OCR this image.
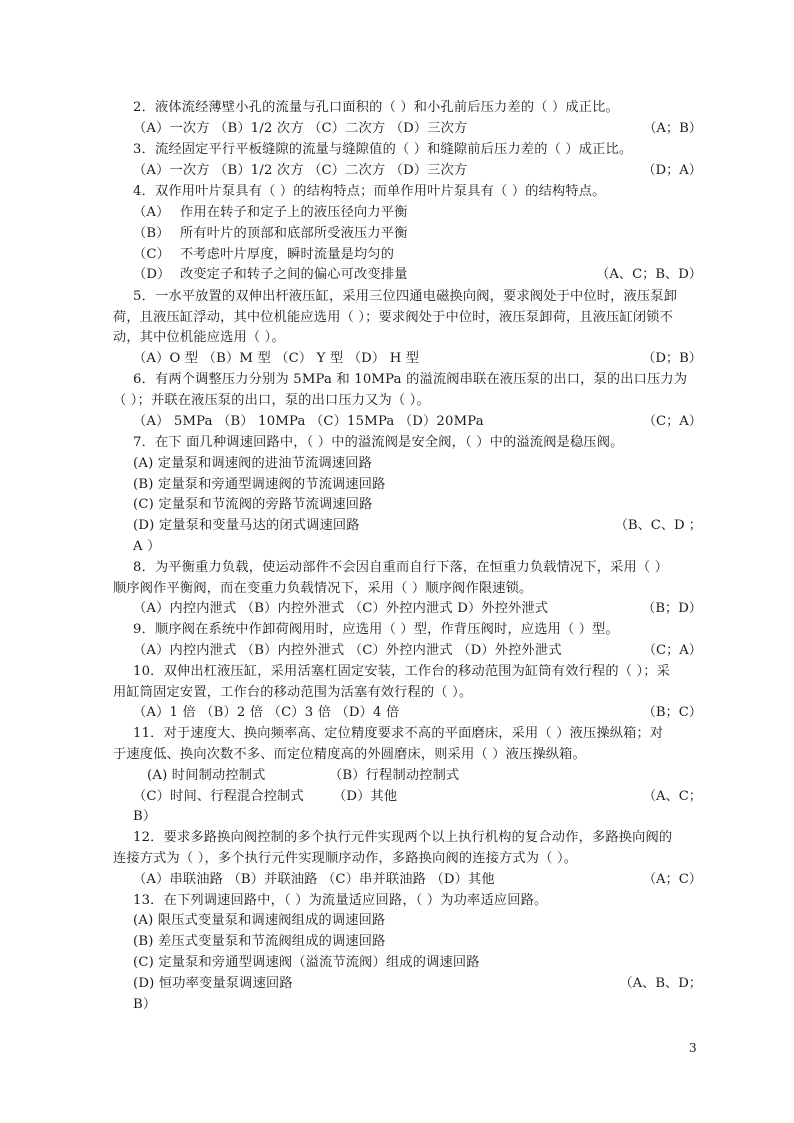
2．液体流经薄壁小孔的流量与孔口面积的（ ）和小孔前后压力差的（ ）成正比。
（A）一次方 （B）1/2 次方 （C）二次方 （D）三次方	（A；B）
3．流经固定平行平板缝隙的流量与缝隙值的（ ）和缝隙前后压力差的（ ）成正比。
（A）一次方 （B）1/2 次方 （C）二次方 （D）三次方	（D；A）
4．双作用叶片泵具有（ ）的结构特点；而单作用叶片泵具有（ ）的结构特点。
（A） 作用在转子和定子上的液压径向力平衡
（B） 所有叶片的顶部和底部所受液压力平衡
（C） 不考虑叶片厚度，瞬时流量是均匀的
（D） 改变定子和转子之间的偏心可改变排量	（A、C；B、D）
5．一水平放置的双伸出杆液压缸，采用三位四通电磁换向阀，要求阀处于中位时，液压泵卸
荷，且液压缸浮动，其中位机能应选用（ ）；要求阀处于中位时，液压泵卸荷，且液压缸闭锁不
动，其中位机能应选用（ ）。
（A）O 型 （B）M 型 （C） Y 型 （D） H 型	（D；B）
6．有两个调整压力分别为 5MPa 和 10MPa 的溢流阀串联在液压泵的出口，泵的出口压力为
（ ）；并联在液压泵的出口，泵的出口压力又为（ ）。
（A） 5MPa （B） 10MPa （C）15MPa （D）20MPa	（C；A）
7．在下 面几种调速回路中，（ ）中的溢流阀是安全阀，（ ）中的溢流阀是稳压阀。
(A) 定量泵和调速阀的进油节流调速回路
(B) 定量泵和旁通型调速阀的节流调速回路
(C) 定量泵和节流阀的旁路节流调速回路
(D) 定量泵和变量马达的闭式调速回路	（B、C、D ；
A ）
8．为平衡重力负载，使运动部件不会因自重而自行下落，在恒重力负载情况下，采用（ ）
顺序阀作平衡阀，而在变重力负载情况下，采用（ ）顺序阀作限速锁。
（A）内控内泄式 （B）内控外泄式 （C）外控内泄式 D）外控外泄式	（B；D）
9．顺序阀在系统中作卸荷阀用时，应选用（ ）型，作背压阀时，应选用（ ）型。
（A）内控内泄式 （B）内控外泄式 （C）外控内泄式 （D）外控外泄式	（C；A）
10．双伸出杠液压缸，采用活塞杠固定安装，工作台的移动范围为缸筒有效行程的（ ）；采
用缸筒固定安置，工作台的移动范围为活塞有效行程的（ ）。
（A）1 倍 （B）2 倍 （C）3 倍 （D）4 倍	（B；C）
11．对于速度大、换向频率高、定位精度要求不高的平面磨床，采用（ ）液压操纵箱；对
于速度低、换向次数不多、而定位精度高的外圆磨床，则采用（ ）液压操纵箱。
(A) 时间制动控制式	（B）行程制动控制式
（C）时间、行程混合控制式 （D）其他	（A、C；
B）
12．要求多路换向阀控制的多个执行元件实现两个以上执行机构的复合动作，多路换向阀的
连接方式为（ ），多个执行元件实现顺序动作，多路换向阀的连接方式为（ ）。
（A）串联油路 （B）并联油路 （C）串并联油路 （D）其他	（A；C）
13．在下列调速回路中，（ ）为流量适应回路，（ ）为功率适应回路。
(A) 限压式变量泵和调速阀组成的调速回路
(B) 差压式变量泵和节流阀组成的调速回路
(C) 定量泵和旁通型调速阀（溢流节流阀）组成的调速回路
(D) 恒功率变量泵调速回路	（A、B、D；
B）
3
